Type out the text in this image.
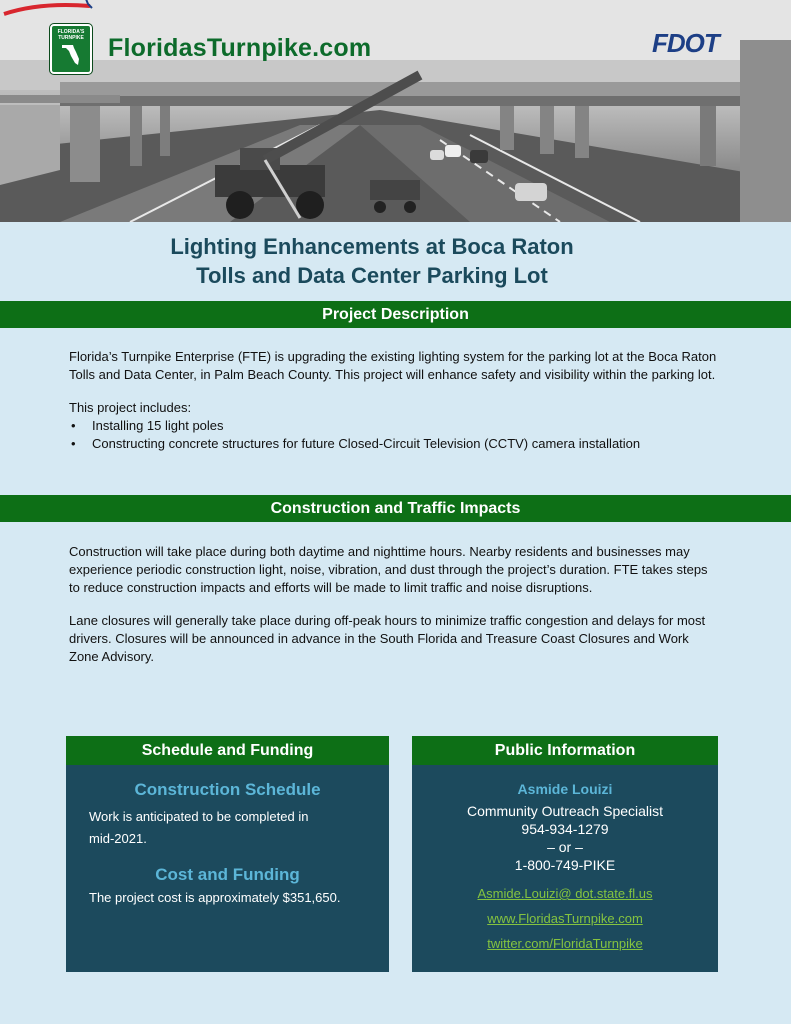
FLORIDA'S TURNPIKE FloridasTurnpike.com	FDOT
Lighting Enhancements at Boca Raton
Tolls and Data Center Parking Lot
Project Description

Florida’s Turnpike Enterprise (FTE) is upgrading the existing lighting system for the parking lot at the Boca Raton Tolls and Data Center, in Palm Beach County. This project will enhance safety and visibility within the parking lot.

This project includes:
• Installing 15 light poles
• Constructing concrete structures for future Closed-Circuit Television (CCTV) camera installation
Construction and Traffic Impacts

Construction will take place during both daytime and nighttime hours. Nearby residents and businesses may experience periodic construction light, noise, vibration, and dust through the project’s duration. FTE takes steps to reduce construction impacts and efforts will be made to limit traffic and noise disruptions.

Lane closures will generally take place during off-peak hours to minimize traffic congestion and delays for most drivers. Closures will be announced in advance in the South Florida and Treasure Coast Closures and Work Zone Advisory.

Schedule and Funding
Construction Schedule
Work is anticipated to be completed in
mid-2021.
Cost and Funding
The project cost is approximately $351,650.
Public Information
Asmide Louizi
Community Outreach Specialist
954-934-1279
– or –
1-800-749-PIKE
Asmide.Louizi@ dot.state.fl.us
www.FloridasTurnpike.com
twitter.com/FloridaTurnpike
